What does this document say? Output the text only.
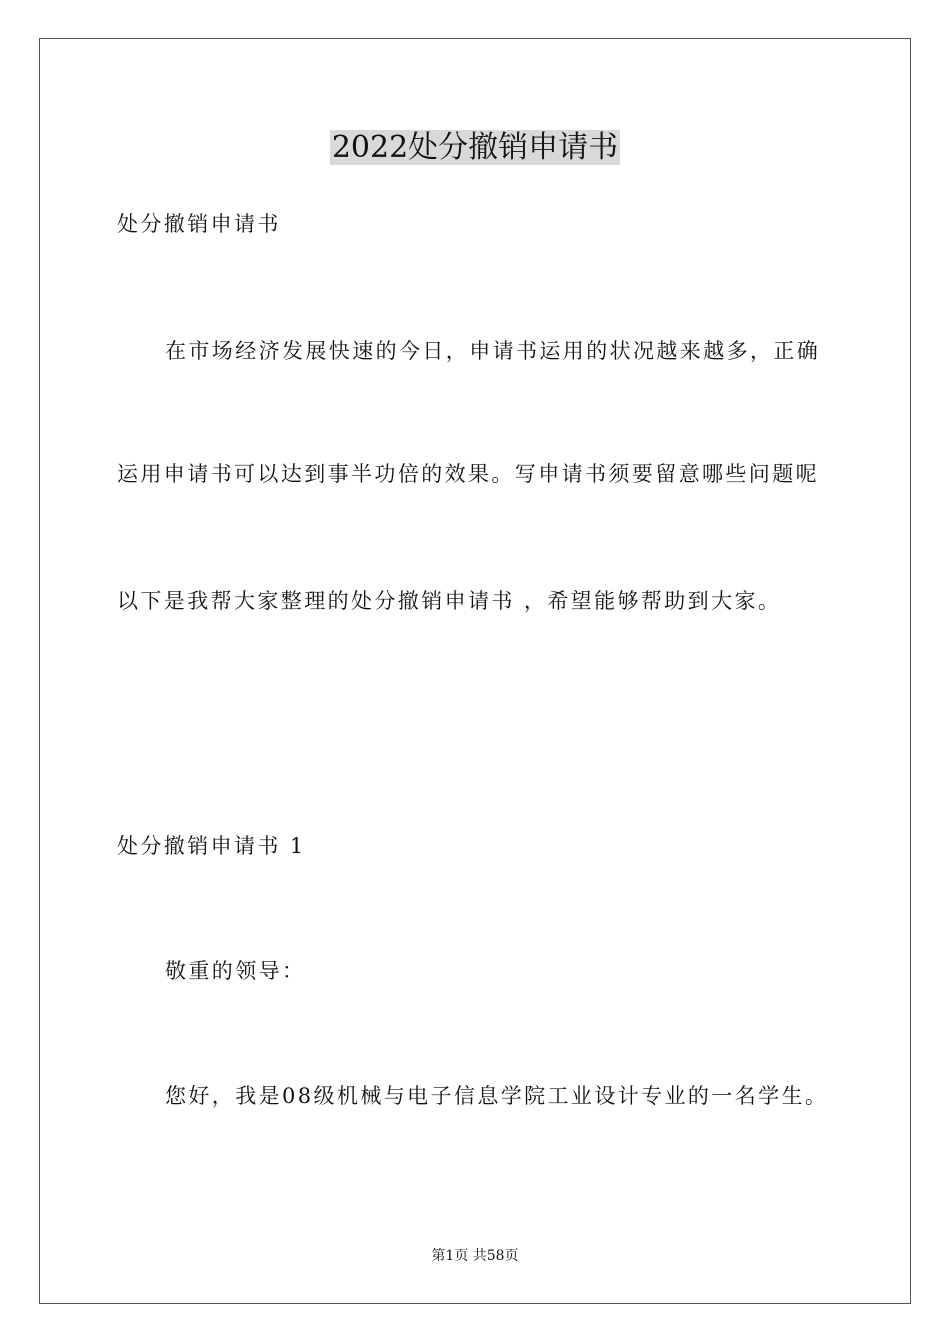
2022处分撤销申请书
处分撤销申请书
在市场经济发展快速的今日，申请书运用的状况越来越多，正确
运用申请书可以达到事半功倍的效果。写申请书须要留意哪些问题呢
以下是我帮大家整理的处分撤销申请书 ，希望能够帮助到大家。
处分撤销申请书 1
敬重的领导：
您好，我是08级机械与电子信息学院工业设计专业的一名学生。
第1页 共58页
